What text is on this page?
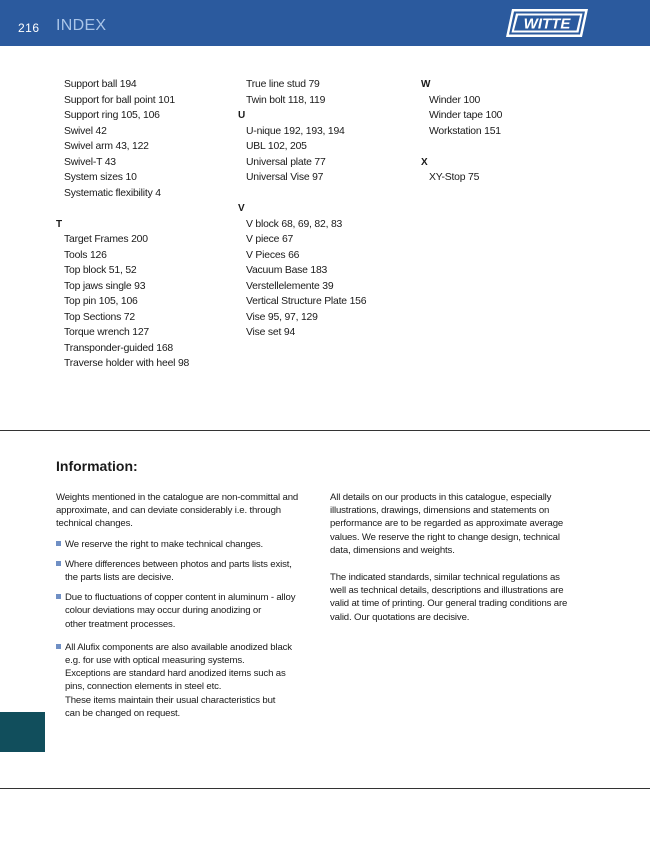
216 INDEX	WITTE
Support ball 194
Support for ball point 101
Support ring 105, 106
Swivel 42
Swivel arm 43, 122
Swivel-T 43
System sizes 10
Systematic flexibility 4
T
Target Frames 200
Tools 126
Top block 51, 52
Top jaws single 93
Top pin 105, 106
Top Sections 72
Torque wrench 127
Transponder-guided 168
Traverse holder with heel 98
True line stud 79
Twin bolt 118, 119
U
U-nique 192, 193, 194
UBL 102, 205
Universal plate 77
Universal Vise 97
V
V block 68, 69, 82, 83
V piece 67
V Pieces 66
Vacuum Base 183
Verstellelemente 39
Vertical Structure Plate 156
Vise 95, 97, 129
Vise set 94
W
Winder 100
Winder tape 100
Workstation 151
X
XY-Stop 75
Information:
Weights mentioned in the catalogue are non-committal and
approximate, and can deviate considerably i.e. through
technical changes.
We reserve the right to make technical changes.
Where differences between photos and parts lists exist,
the parts lists are decisive.
Due to fluctuations of copper content in aluminum - alloy
colour deviations may occur during anodizing or
other treatment processes.
All Alufix components are also available anodized black
e.g. for use with optical measuring systems.
Exceptions are standard hard anodized items such as
pins, connection elements in steel etc.
These items maintain their usual characteristics but
can be changed on request.
All details on our products in this catalogue, especially
illustrations, drawings, dimensions and statements on
performance are to be regarded as approximate average
values. We reserve the right to change design, technical
data, dimensions and weights.
The indicated standards, similar technical regulations as
well as technical details, descriptions and illustrations are
valid at time of printing. Our general trading conditions are
valid. Our quotations are decisive.
